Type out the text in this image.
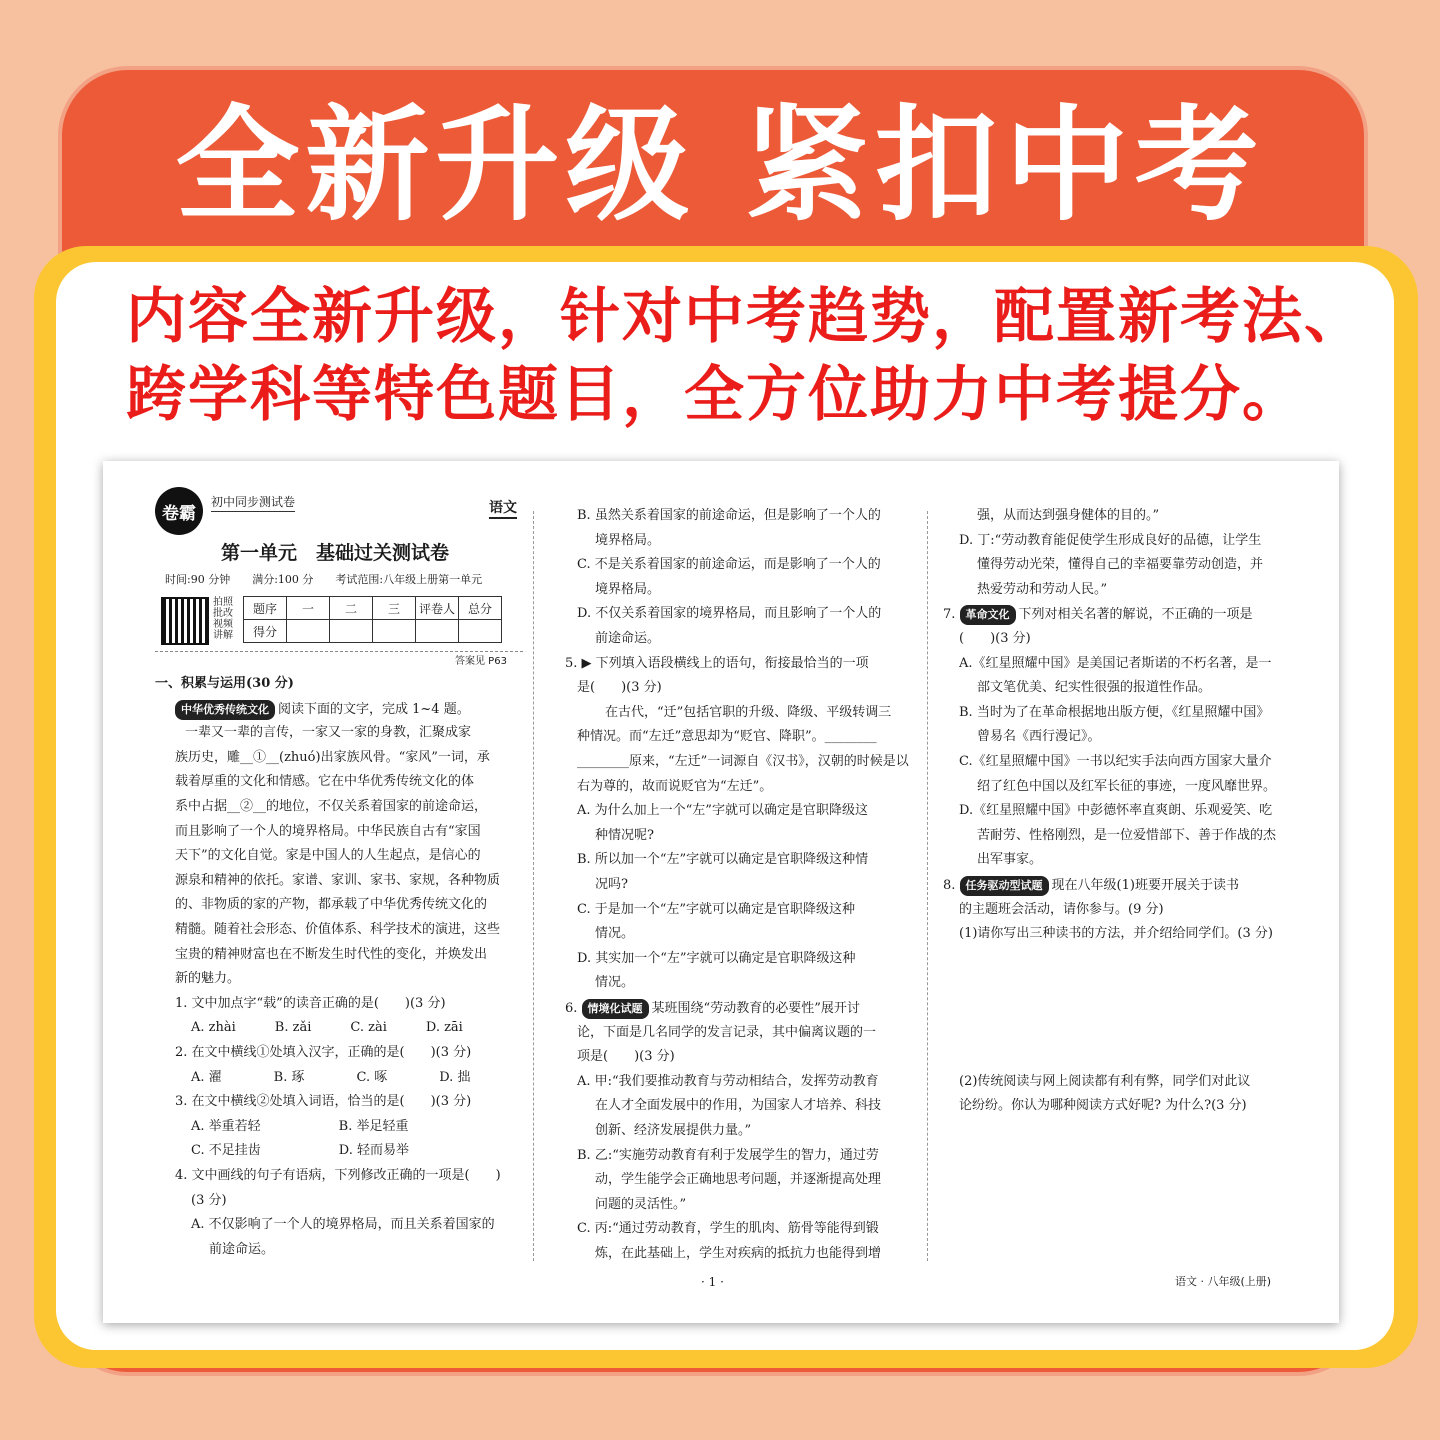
全新升级 紧扣中考
内容全新升级，针对中考趋势，配置新考法、
跨学科等特色题目，全方位助力中考提分。
卷霸
初中同步测试卷	语文
第一单元　基础过关测试卷
时间:90 分钟　　满分:100 分　　考试范围:八年级上册第一单元
拍照批改 视频讲解
题序	一	二	三	评卷人	总分
得分					
答案见 P63
一、积累与运用(30 分)
中华优秀传统文化 阅读下面的文字，完成 1~4 题。
一辈又一辈的言传，一家又一家的身教，汇聚成家
族历史，雕__①__(zhuó)出家族风骨。“家风”一词，承
载着厚重的文化和情感。它在中华优秀传统文化的体
系中占据__②__的地位，不仅关系着国家的前途命运，
而且影响了一个人的境界格局。中华民族自古有“家国
天下”的文化自觉。家是中国人的人生起点，是信心的
源泉和精神的依托。家谱、家训、家书、家规，各种物质
的、非物质的家的产物，都承载了中华优秀传统文化的
精髓。随着社会形态、价值体系、科学技术的演进，这些
宝贵的精神财富也在不断发生时代性的变化，并焕发出
新的魅力。
1. 文中加点字“载”的读音正确的是(　　)(3 分)
A. zhài　　　B. zǎi　　　C. zài　　　D. zāi
2. 在文中横线①处填入汉字，正确的是(　　)(3 分)
A. 濯　　　　B. 琢　　　　C. 啄　　　　D. 拙
3. 在文中横线②处填入词语，恰当的是(　　)(3 分)
A. 举重若轻　　　　　　B. 举足轻重
C. 不足挂齿　　　　　　D. 轻而易举
4. 文中画线的句子有语病，下列修改正确的一项是(　　)
(3 分)
A. 不仅影响了一个人的境界格局，而且关系着国家的
前途命运。
B. 虽然关系着国家的前途命运，但是影响了一个人的
境界格局。
C. 不是关系着国家的前途命运，而是影响了一个人的
境界格局。
D. 不仅关系着国家的境界格局，而且影响了一个人的
前途命运。
5. ▶ 下列填入语段横线上的语句，衔接最恰当的一项
是(　　)(3 分)
在古代，“迁”包括官职的升级、降级、平级转调三
种情况。而“左迁”意思却为“贬官、降职”。________
________原来，“左迁”一词源自《汉书》，汉朝的时候是以
右为尊的，故而说贬官为“左迁”。
A. 为什么加上一个“左”字就可以确定是官职降级这
种情况呢?
B. 所以加一个“左”字就可以确定是官职降级这种情
况吗?
C. 于是加一个“左”字就可以确定是官职降级这种
情况。
D. 其实加一个“左”字就可以确定是官职降级这种
情况。
6. 情境化试题 某班围绕“劳动教育的必要性”展开讨
论，下面是几名同学的发言记录，其中偏离议题的一
项是(　　)(3 分)
A. 甲:“我们要推动教育与劳动相结合，发挥劳动教育
在人才全面发展中的作用，为国家人才培养、科技
创新、经济发展提供力量。”
B. 乙:“实施劳动教育有利于发展学生的智力，通过劳
动，学生能学会正确地思考问题，并逐渐提高处理
问题的灵活性。”
C. 丙:“通过劳动教育，学生的肌肉、筋骨等能得到锻
炼，在此基础上，学生对疾病的抵抗力也能得到增
强，从而达到强身健体的目的。”
D. 丁:“劳动教育能促使学生形成良好的品德，让学生
懂得劳动光荣，懂得自己的幸福要靠劳动创造，并
热爱劳动和劳动人民。”
7. 革命文化 下列对相关名著的解说，不正确的一项是
(　　)(3 分)
A.《红星照耀中国》是美国记者斯诺的不朽名著，是一
部文笔优美、纪实性很强的报道性作品。
B. 当时为了在革命根据地出版方便，《红星照耀中国》
曾易名《西行漫记》。
C.《红星照耀中国》一书以纪实手法向西方国家大量介
绍了红色中国以及红军长征的事迹，一度风靡世界。
D.《红星照耀中国》中彭德怀率直爽朗、乐观爱笑、吃
苦耐劳、性格刚烈，是一位爱惜部下、善于作战的杰
出军事家。
8. 任务驱动型试题 现在八年级(1)班要开展关于读书
的主题班会活动，请你参与。(9 分)
(1)请你写出三种读书的方法，并介绍给同学们。(3 分)
(2)传统阅读与网上阅读都有利有弊，同学们对此议
论纷纷。你认为哪种阅读方式好呢? 为什么?(3 分)
· 1 ·	语文 · 八年级(上册)
